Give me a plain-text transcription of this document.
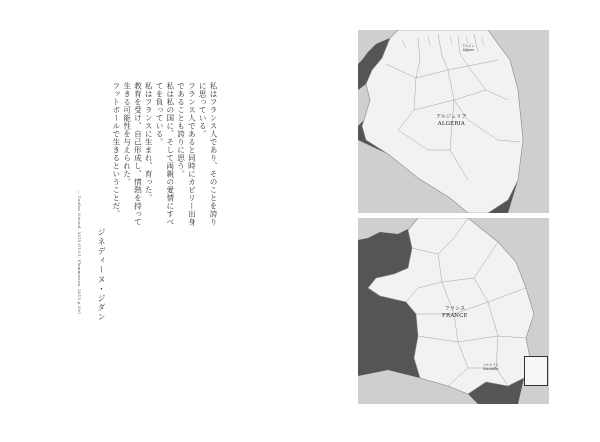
私はフランス人であり、そのことを誇りに思っている。

フランス人であると同時にカビリー出身であることも誇りに思う。

私は私の国に、そして両親の愛情にすべてを負っている。

私はフランスに生まれ、育った。

教育を受け、自己形成し、情熱を持って生きる可能性を与えられた。

フットボールで生きるということだ。

ジネディーヌ・ジダン
— Tuuliss Niruud, 2015-01-01, Flammarion, 2015 p.200
アルジェ
Algiers
アルジェリア
ALGERIA
フランス
FRANCE
マルセイユ
Marseille
